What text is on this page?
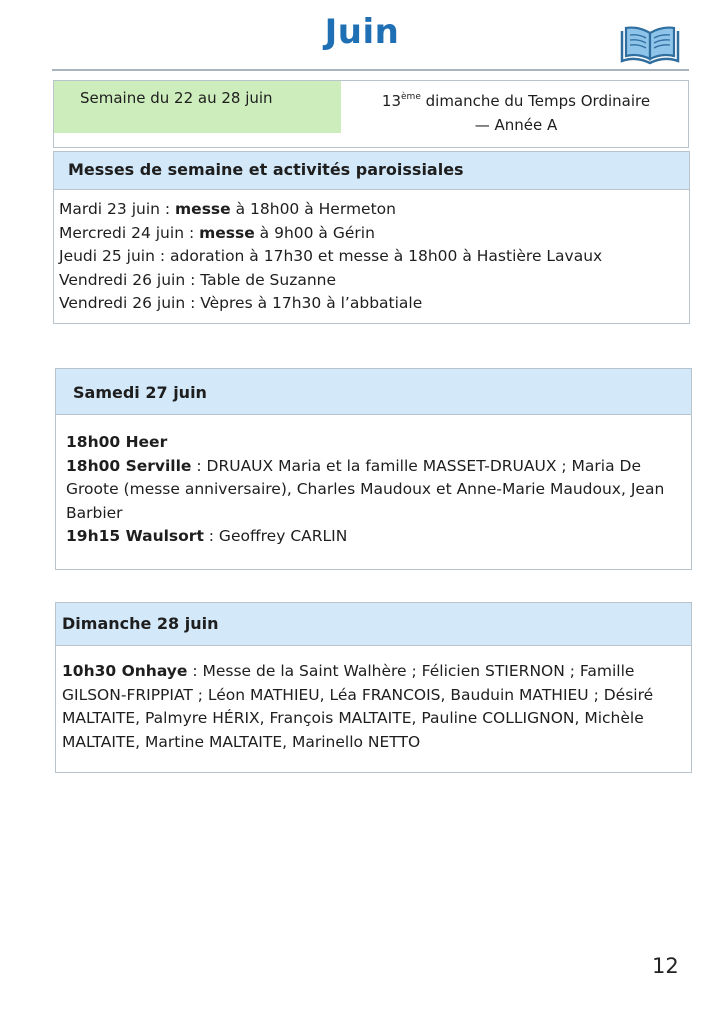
Juin
Semaine du 22 au 28 juin	13ème dimanche du Temps Ordinaire
— Année A
Messes de semaine et activités paroissiales
Mardi 23 juin : messe à 18h00 à Hermeton
Mercredi 24 juin : messe à 9h00 à Gérin
Jeudi 25 juin : adoration à 17h30 et messe à 18h00 à Hastière Lavaux
Vendredi 26 juin : Table de Suzanne
Vendredi 26 juin : Vèpres à 17h30 à l’abbatiale
Samedi 27 juin
18h00 Heer
18h00 Serville : DRUAUX Maria et la famille MASSET-DRUAUX ; Maria De Groote (messe anniversaire), Charles Maudoux et Anne-Marie Maudoux, Jean Barbier
19h15 Waulsort : Geoffrey CARLIN
Dimanche 28 juin
10h30 Onhaye : Messe de la Saint Walhère ; Félicien STIERNON ; Famille GILSON-FRIPPIAT ; Léon MATHIEU, Léa FRANCOIS, Bauduin MATHIEU ; Désiré MALTAITE, Palmyre HÉRIX, François MALTAITE, Pauline COLLIGNON, Michèle MALTAITE, Martine MALTAITE, Marinello NETTO
12
